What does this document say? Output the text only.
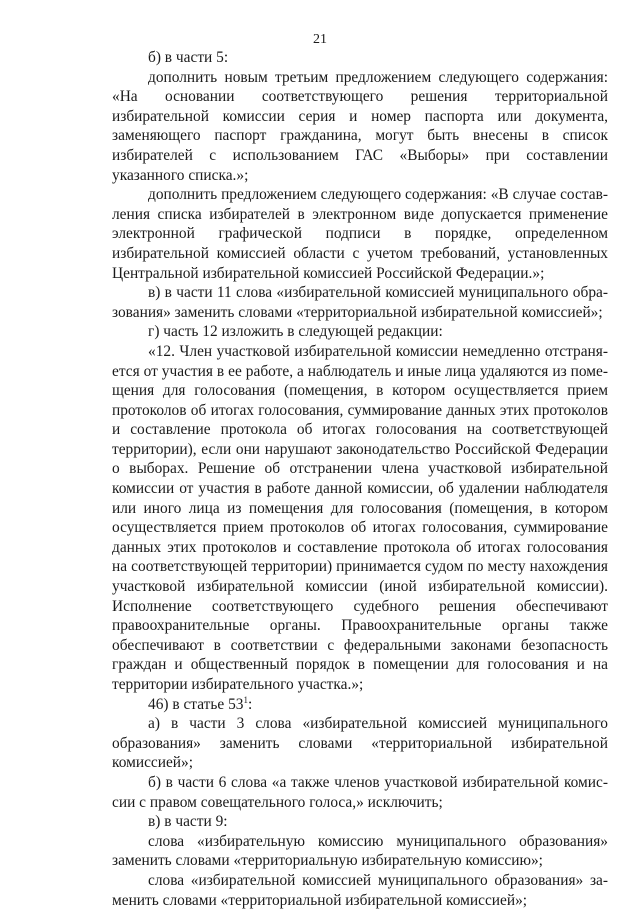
21

б) в части 5:

дополнить новым третьим предложением следующего содержания: «На основании соответствующего решения территориальной избирательной комиссии серия и номер паспорта или документа, заменяющего паспорт гражданина, могут быть внесены в список избирателей с использованием ГАС «Выборы» при составлении указанного списка.»;

дополнить предложением следующего содержания: «В случае составления списка избирателей в электронном виде допускается применение электронной графической подписи в порядке, определенном избирательной комиссией области с учетом требований, установленных Центральной избирательной комиссией Российской Федерации.»;

в) в части 11 слова «избирательной комиссией муниципального образования» заменить словами «территориальной избирательной комиссией»;

г) часть 12 изложить в следующей редакции:

«12. Член участковой избирательной комиссии немедленно отстраняется от участия в ее работе, а наблюдатель и иные лица удаляются из помещения для голосования (помещения, в котором осуществляется прием протоколов об итогах голосования, суммирование данных этих протоколов и составление протокола об итогах голосования на соответствующей территории), если они нарушают законодательство Российской Федерации о выборах. Решение об отстранении члена участковой избирательной комиссии от участия в работе данной комиссии, об удалении наблюдателя или иного лица из помещения для голосования (помещения, в котором осуществляется прием протоколов об итогах голосования, суммирование данных этих протоколов и составление протокола об итогах голосования на соответствующей территории) принимается судом по месту нахождения участковой избирательной комиссии (иной избирательной комиссии). Исполнение соответствующего судебного решения обеспечивают правоохранительные органы. Правоохранительные органы также обеспечивают в соответствии с федеральными законами безопасность граждан и общественный порядок в помещении для голосования и на территории избирательного участка.»;

46) в статье $53^1$:

a) в части 3 слова «избирательной комиссией муниципального образования» заменить словами «территориальной избирательной комиссией»;

б) в части 6 слова «а также членов участковой избирательной комиссии с правом совещательного голоса,» исключить;

в) в части 9:

слова «избирательную комиссию муниципального образования» заменить словами «территориальную избирательную комиссию»;

слова «избирательной комиссией муниципального образования» заменить словами «территориальной избирательной комиссией»;
